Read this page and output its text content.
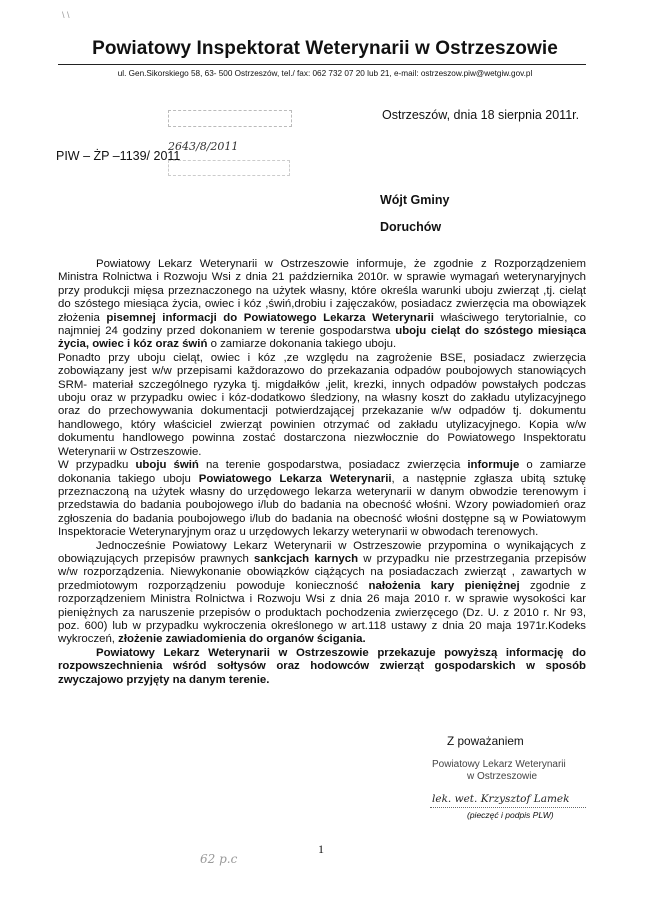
\ \
Powiatowy Inspektorat Weterynarii w Ostrzeszowie
ul. Gen.Sikorskiego 58, 63- 500 Ostrzeszów, tel./ fax: 062 732 07 20 lub 21, e-mail: ostrzeszow.piw@wetgiw.gov.pl
Ostrzeszów, dnia 18 sierpnia 2011r.
PIW – ŻP –1139/ 2011
2643/8/2011
Wójt Gminy
Doruchów

Powiatowy Lekarz Weterynarii w Ostrzeszowie informuje, że zgodnie z Rozporządzeniem Ministra Rolnictwa i Rozwoju Wsi z dnia 21 października 2010r. w sprawie wymagań weterynaryjnych przy produkcji mięsa przeznaczonego na użytek własny, które określa warunki uboju zwierząt ,tj. cieląt do szóstego miesiąca życia, owiec i kóz ,świń,drobiu i zajęczaków, posiadacz zwierzęcia ma obowiązek złożenia pisemnej informacji do Powiatowego Lekarza Weterynarii właściwego terytorialnie, co najmniej 24 godziny przed dokonaniem w terenie gospodarstwa uboju cieląt do szóstego miesiąca życia, owiec i kóz oraz świń o zamiarze dokonania takiego uboju.

Ponadto przy uboju cieląt, owiec i kóz ,ze względu na zagrożenie BSE, posiadacz zwierzęcia zobowiązany jest w/w przepisami každorazowo do przekazania odpadów poubojowych stanowiących SRM- materiał szczególnego ryzyka tj. migdałków ,jelit, krezki, innych odpadów powstałych podczas uboju oraz w przypadku owiec i kóz-dodatkowo śledziony, na własny koszt do zakładu utylizacyjnego oraz do przechowywania dokumentacji potwierdzającej przekazanie w/w odpadów tj. dokumentu handlowego, który właściciel zwierząt powinien otrzymać od zakładu utylizacyjnego. Kopia w/w dokumentu handlowego powinna zostać dostarczona niezwłocznie do Powiatowego Inspektoratu Weterynarii w Ostrzeszowie.

W przypadku uboju świń na terenie gospodarstwa, posiadacz zwierzęcia informuje o zamiarze dokonania takiego uboju Powiatowego Lekarza Weterynarii, a następnie zgłasza ubitą sztukę przeznaczoną na użytek własny do urzędowego lekarza weterynarii w danym obwodzie terenowym i przedstawia do badania poubojowego i/lub do badania na obecność włośni. Wzory powiadomień oraz zgłoszenia do badania poubojowego i/lub do badania na obecność włośni dostępne są w Powiatowym Inspektoracie Weterynaryjnym oraz u urzędowych lekarzy weterynarii w obwodach terenowych.

Jednocześnie Powiatowy Lekarz Weterynarii w Ostrzeszowie przypomina o wynikających z obowiązujących przepisów prawnych sankcjach karnych w przypadku nie przestrzegania przepisów w/w rozporządzenia. Niewykonanie obowiązków ciążących na posiadaczach zwierząt , zawartych w przedmiotowym rozporządzeniu powoduje konieczność nałożenia kary pieniężnej zgodnie z rozporządzeniem Ministra Rolnictwa i Rozwoju Wsi z dnia 26 maja 2010 r. w sprawie wysokości kar pieniężnych za naruszenie przepisów o produktach pochodzenia zwierzęcego (Dz. U. z 2010 r. Nr 93, poz. 600) lub w przypadku wykroczenia określonego w art.118 ustawy z dnia 20 maja 1971r.Kodeks wykroczeń, złożenie zawiadomienia do organów ścigania.

Powiatowy Lekarz Weterynarii w Ostrzeszowie przekazuje powyższą informację do rozpowszechnienia wśród sołtysów oraz hodowców zwierząt gospodarskich w sposób zwyczajowo przyjęty na danym terenie.

Z poważaniem
Powiatowy Lekarz Weterynarii
w Ostrzeszowie
lek. wet. Krzysztof Lamek
(pieczęć i podpis PLW)
1
62 p.c
